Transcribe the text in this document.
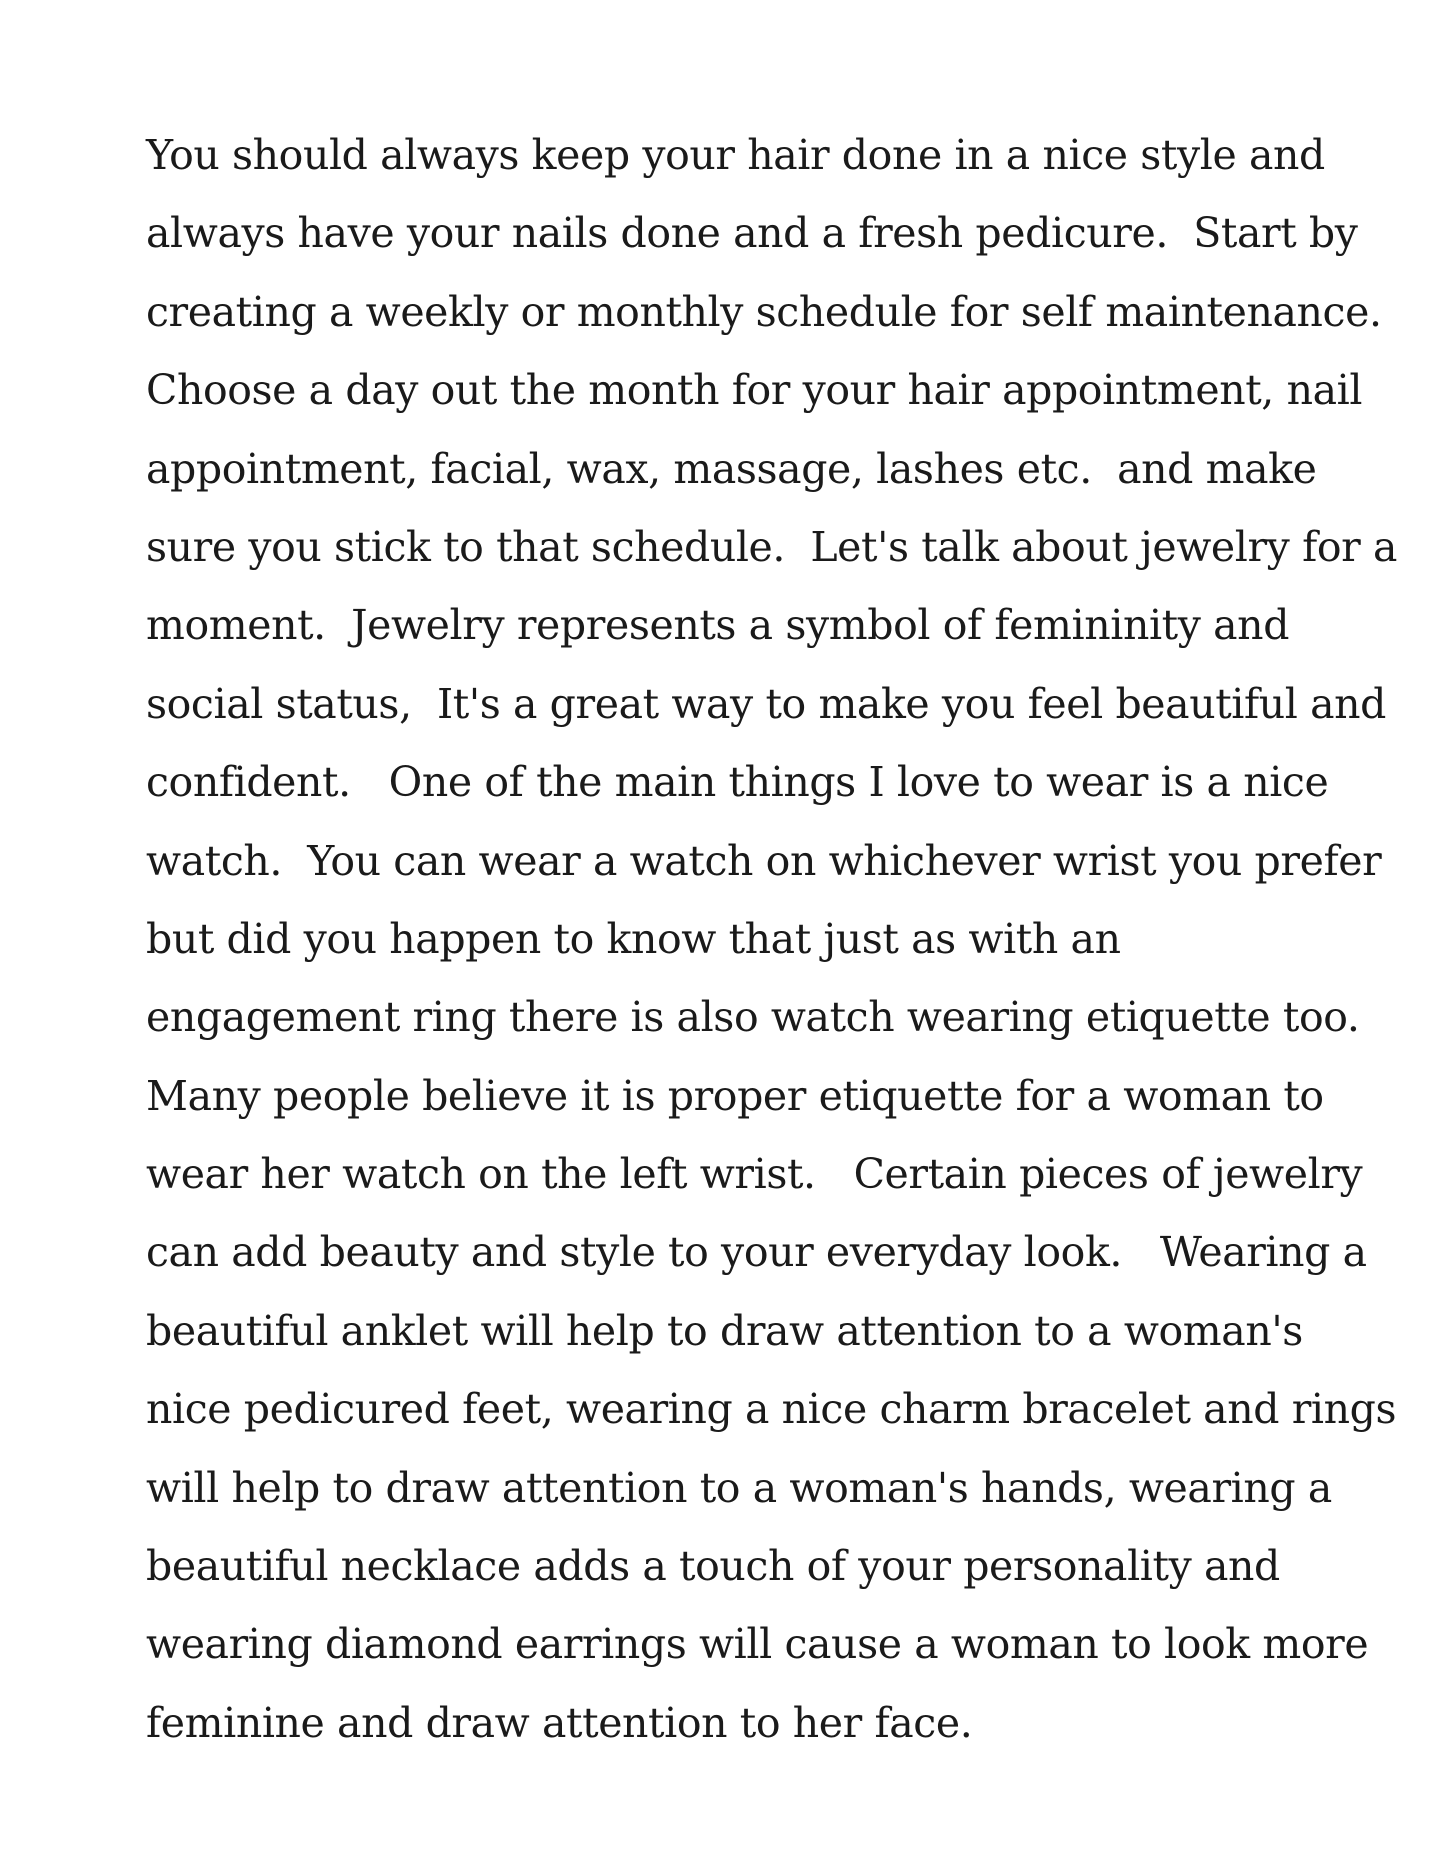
You should always keep your hair done in a nice style and
always have your nails done and a fresh pedicure.  Start by
creating a weekly or monthly schedule for self maintenance.
Choose a day out the month for your hair appointment, nail
appointment, facial, wax, massage, lashes etc.  and make
sure you stick to that schedule.  Let's talk about jewelry for a
moment.  Jewelry represents a symbol of femininity and
social status,  It's a great way to make you feel beautiful and
confident.   One of the main things I love to wear is a nice
watch.  You can wear a watch on whichever wrist you prefer
but did you happen to know that just as with an
engagement ring there is also watch wearing etiquette too.
Many people believe it is proper etiquette for a woman to
wear her watch on the left wrist.   Certain pieces of jewelry
can add beauty and style to your everyday look.   Wearing a
beautiful anklet will help to draw attention to a woman's
nice pedicured feet, wearing a nice charm bracelet and rings
will help to draw attention to a woman's hands, wearing a
beautiful necklace adds a touch of your personality and
wearing diamond earrings will cause a woman to look more
feminine and draw attention to her face.
